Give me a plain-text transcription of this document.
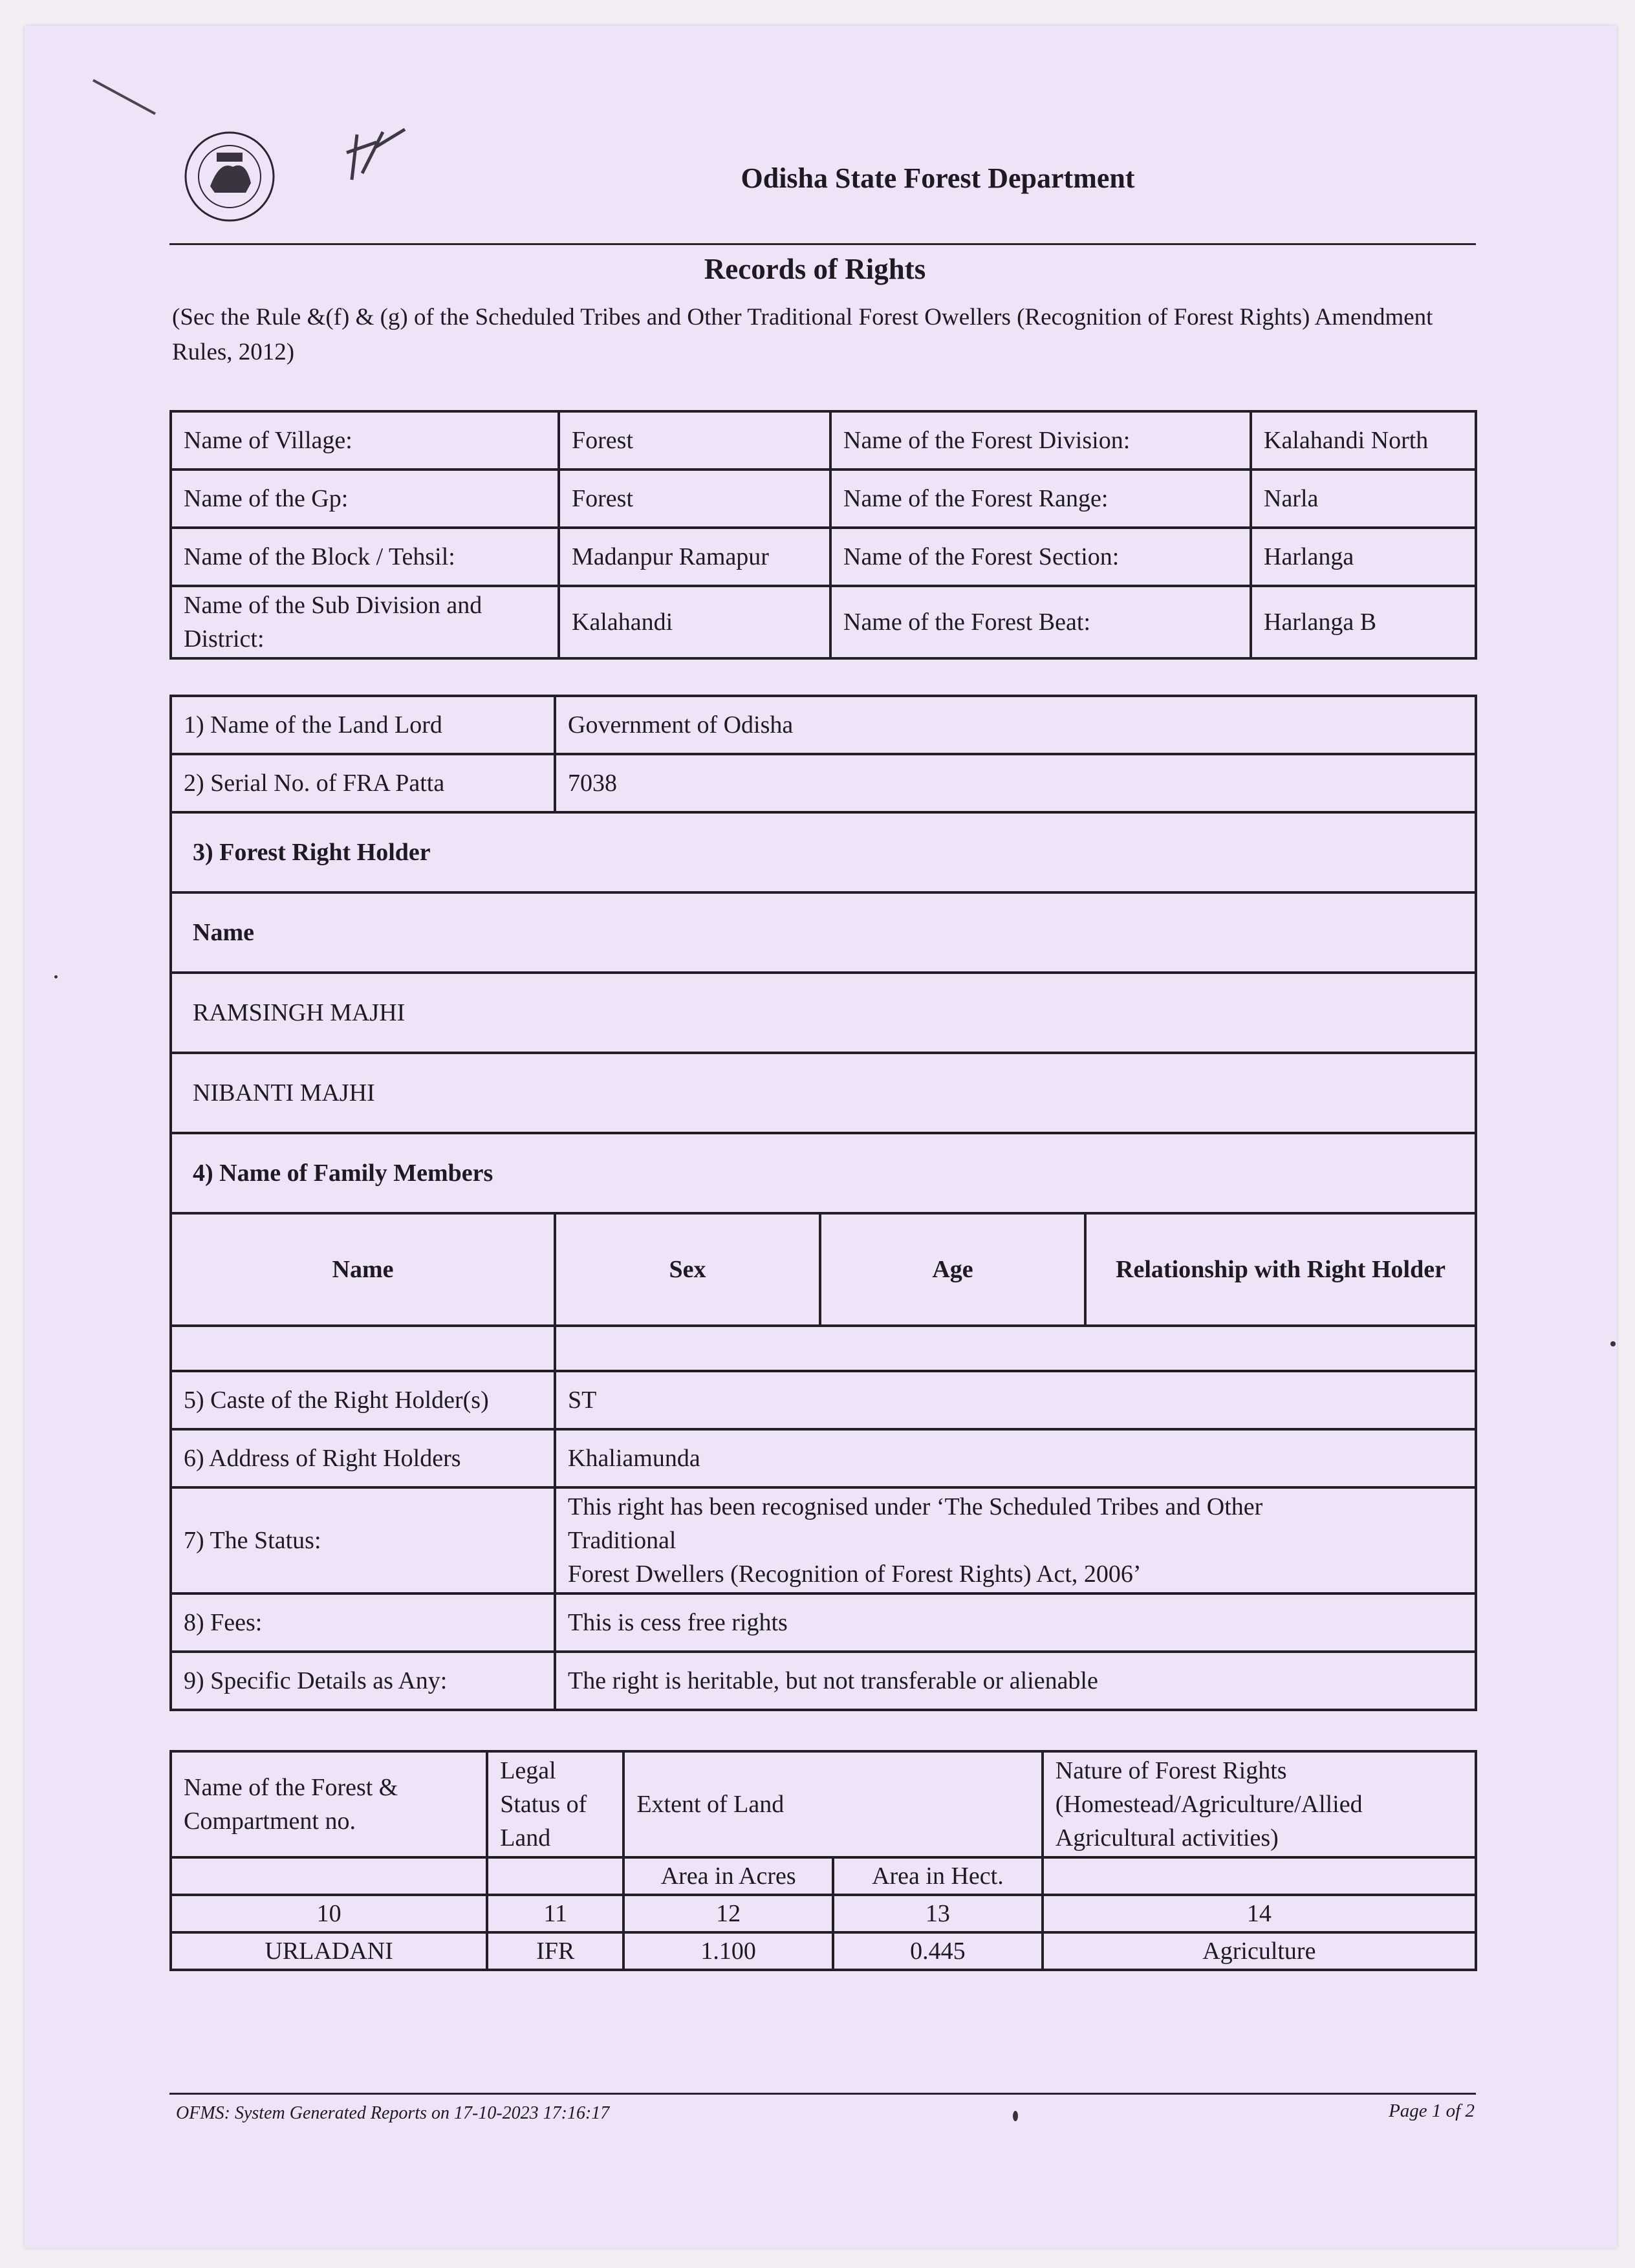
Odisha State Forest Department
Records of Rights
(Sec the Rule &(f) & (g) of the Scheduled Tribes and Other Traditional Forest Owellers (Recognition of Forest Rights) Amendment Rules, 2012)
Name of Village:	Forest	Name of the Forest Division:	Kalahandi North
Name of the Gp:	Forest	Name of the Forest Range:	Narla
Name of the Block / Tehsil:	Madanpur Ramapur	Name of the Forest Section:	Harlanga
Name of the Sub Division and District:	Kalahandi	Name of the Forest Beat:	Harlanga B
1) Name of the Land Lord	Government of Odisha		
2) Serial No. of FRA Patta	7038		
3) Forest Right Holder			
Name			
RAMSINGH MAJHI			
NIBANTI MAJHI			
4) Name of Family Members			
Name	Sex	Age	Relationship with Right Holder

5) Caste of the Right Holder(s)	ST		
6) Address of Right Holders	Khaliamunda		
7) The Status:	This right has been recognised under ‘The Scheduled Tribes and Other
Traditional
Forest Dwellers (Recognition of Forest Rights) Act, 2006’		

8) Fees:	This is cess free rights		
9) Specific Details as Any:	The right is heritable, but not transferable or alienable		
Name of the Forest & Compartment no.	Legal Status of Land	Extent of Land		Nature of Forest Rights (Homestead/Agriculture/Allied Agricultural activities)
		Area in Acres	Area in Hect.	
10	11	12	13	14
URLADANI	IFR	1.100	0.445	Agriculture
OFMS: System Generated Reports on 17-10-2023 17:16:17	Page 1 of 2
